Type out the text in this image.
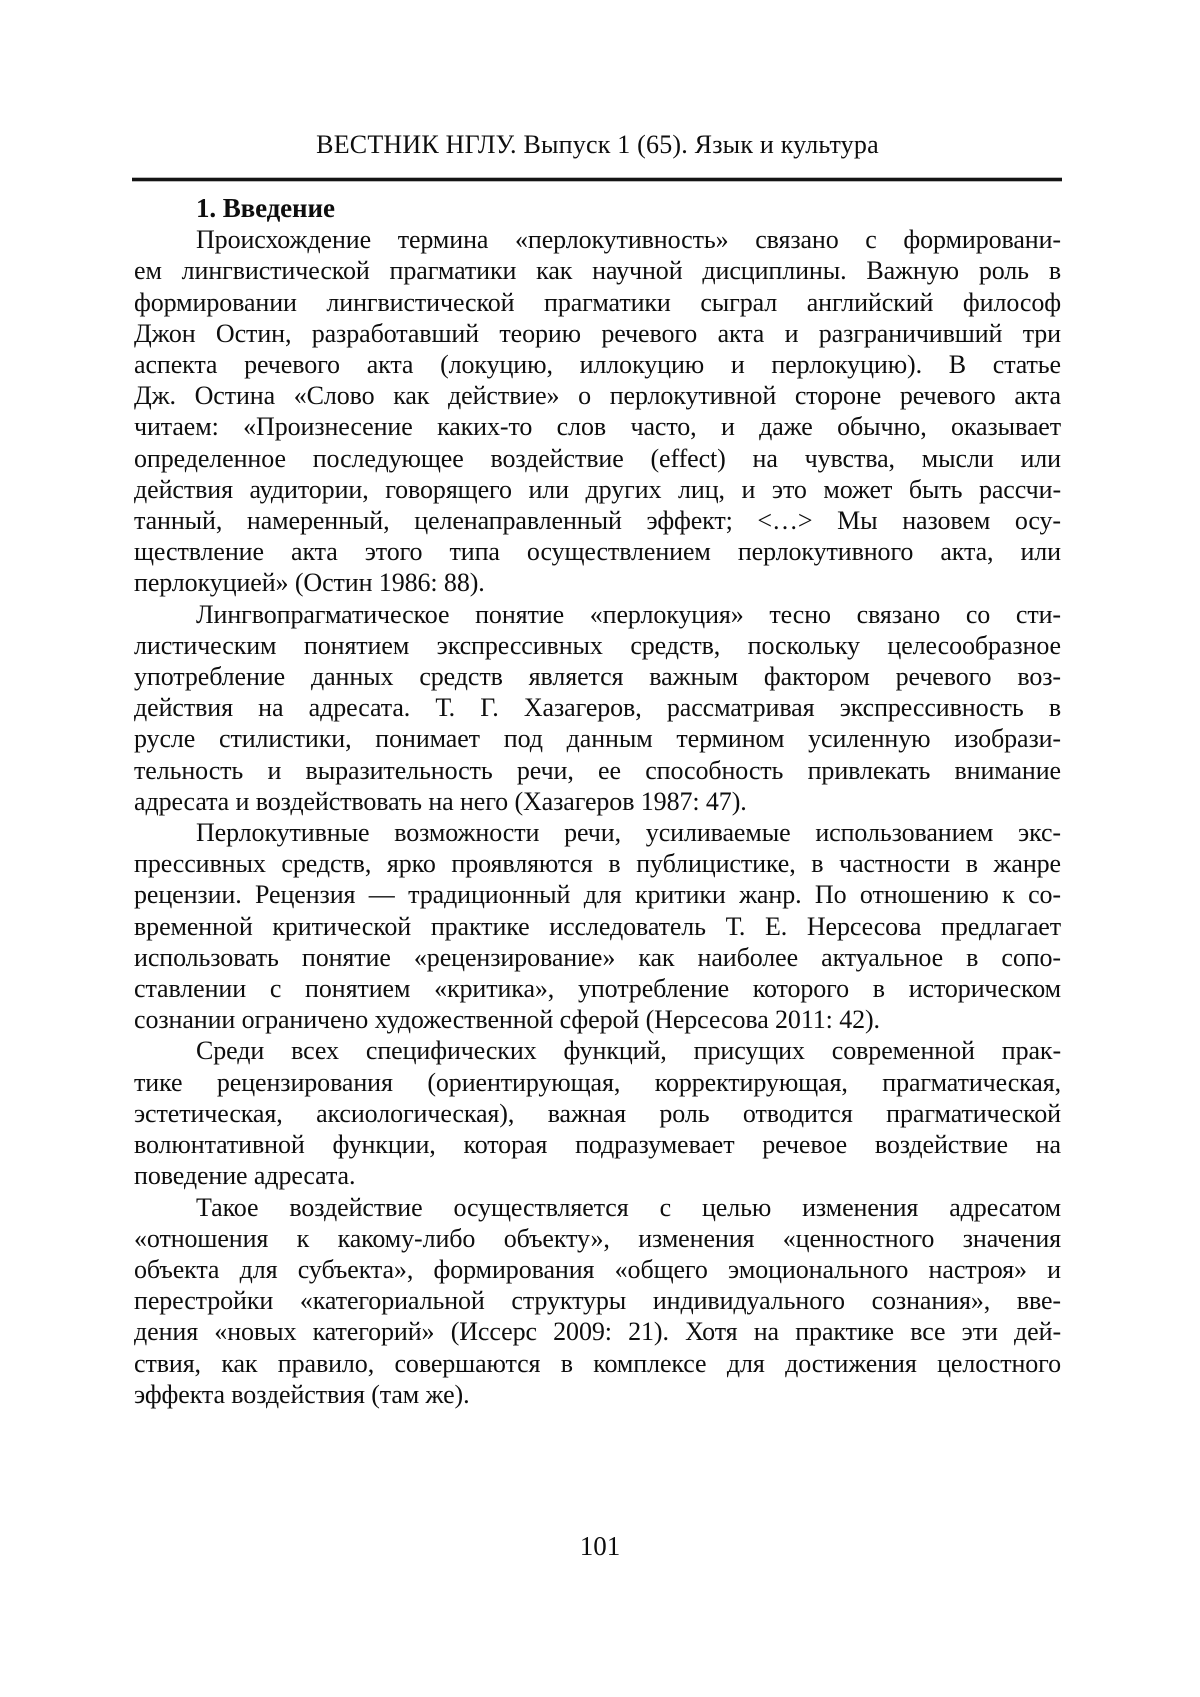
ВЕСТНИК НГЛУ. Выпуск 1 (65). Язык и культура
1. Введение
Происхождение термина «перлокутивность» связано с формировани-
ем лингвистической прагматики как научной дисциплины. Важную роль в
формировании лингвистической прагматики сыграл английский философ
Джон Остин, разработавший теорию речевого акта и разграничивший три
аспекта речевого акта (локуцию, иллокуцию и перлокуцию). В статье
Дж. Остина «Слово как действие» о перлокутивной стороне речевого акта
читаем: «Произнесение каких-то слов часто, и даже обычно, оказывает
определенное последующее воздействие (effect) на чувства, мысли или
действия аудитории, говорящего или других лиц, и это может быть рассчи-
танный, намеренный, целенаправленный эффект; <…> Мы назовем осу-
ществление акта этого типа осуществлением перлокутивного акта, или
перлокуцией» (Остин 1986: 88).
Лингвопрагматическое понятие «перлокуция» тесно связано со сти-
листическим понятием экспрессивных средств, поскольку целесообразное
употребление данных средств является важным фактором речевого воз-
действия на адресата. Т. Г. Хазагеров, рассматривая экспрессивность в
русле стилистики, понимает под данным термином усиленную изобрази-
тельность и выразительность речи, ее способность привлекать внимание
адресата и воздействовать на него (Хазагеров 1987: 47).
Перлокутивные возможности речи, усиливаемые использованием экс-
прессивных средств, ярко проявляются в публицистике, в частности в жанре
рецензии. Рецензия — традиционный для критики жанр. По отношению к со-
временной критической практике исследователь Т. Е. Нерсесова предлагает
использовать понятие «рецензирование» как наиболее актуальное в сопо-
ставлении с понятием «критика», употребление которого в историческом
сознании ограничено художественной сферой (Нерсесова 2011: 42).
Среди всех специфических функций, присущих современной прак-
тике рецензирования (ориентирующая, корректирующая, прагматическая,
эстетическая, аксиологическая), важная роль отводится прагматической
волюнтативной функции, которая подразумевает речевое воздействие на
поведение адресата.
Такое воздействие осуществляется с целью изменения адресатом
«отношения к какому-либо объекту», изменения «ценностного значения
объекта для субъекта», формирования «общего эмоционального настроя» и
перестройки «категориальной структуры индивидуального сознания», вве-
дения «новых категорий» (Иссерс 2009: 21). Хотя на практике все эти дей-
ствия, как правило, совершаются в комплексе для достижения целостного
эффекта воздействия (там же).
101
